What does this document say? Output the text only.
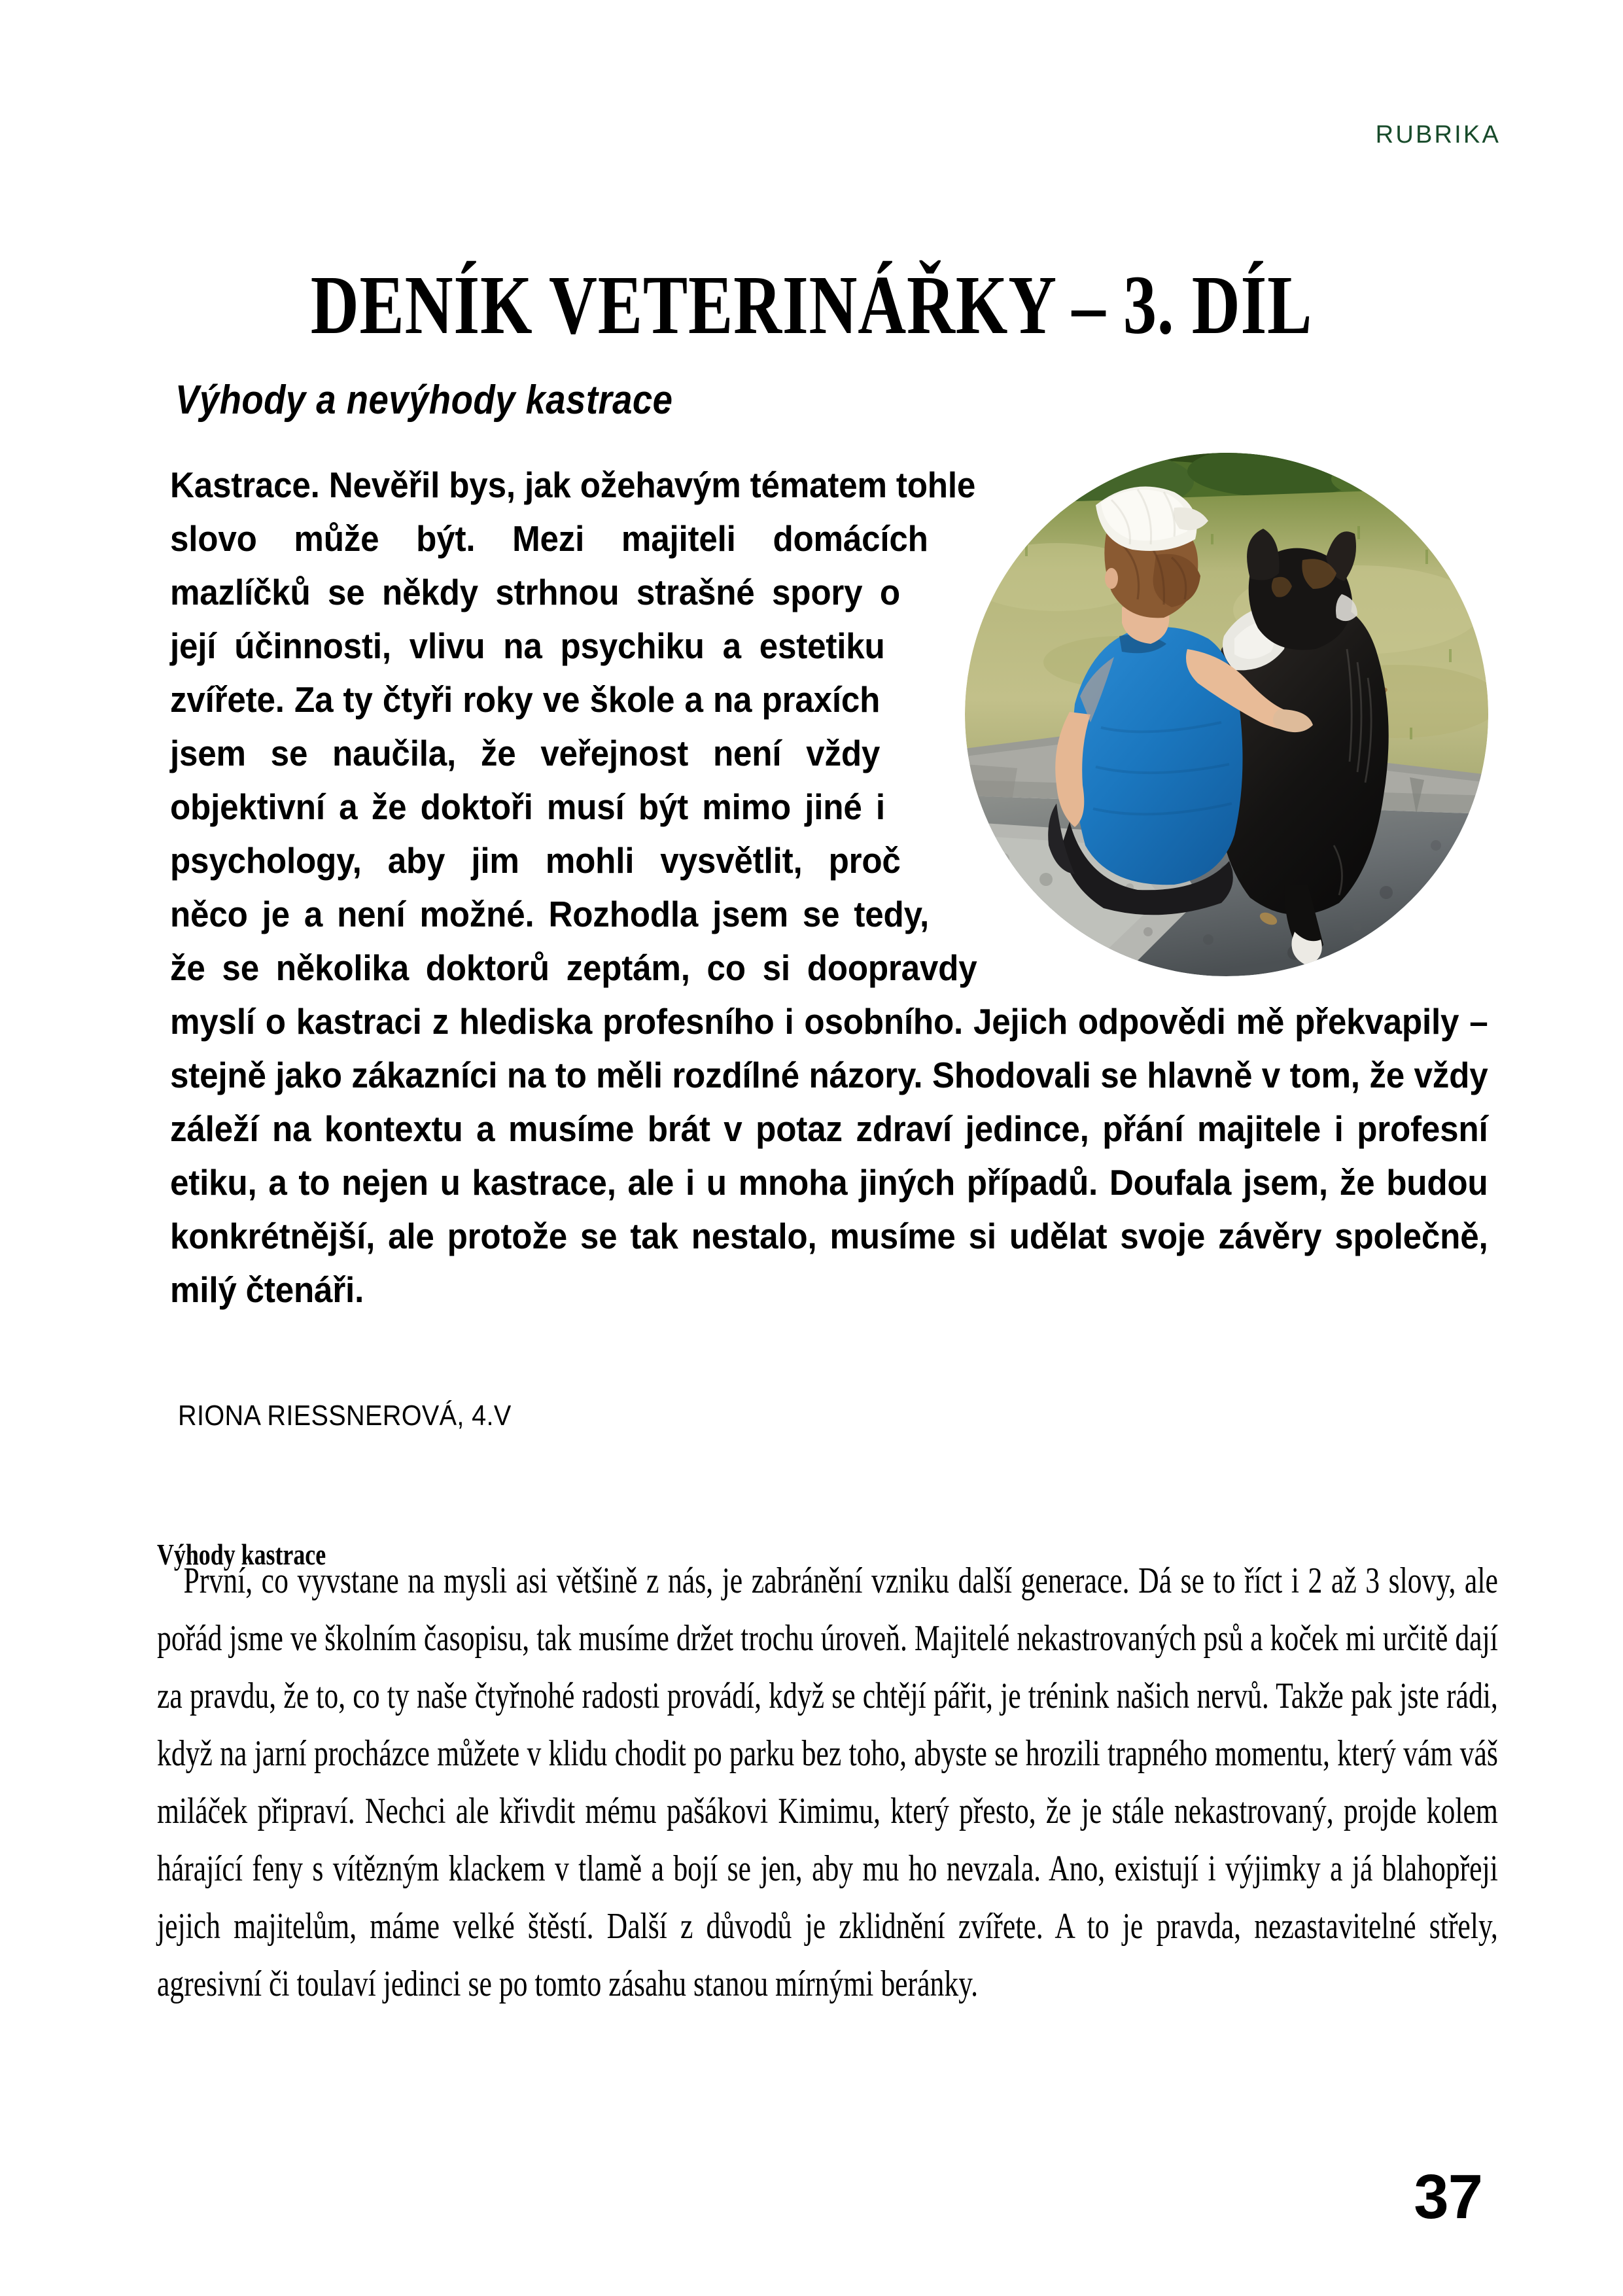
RUBRIKA
DENÍK VETERINÁŘKY – 3. DÍL
Výhody a nevýhody kastrace

Kastrace. Nevěřil bys, jak ožehavým tématem tohle slovo může být. Mezi majiteli domácích mazlíčků se někdy strhnou strašné spory o její účinnosti, vlivu na psychiku a estetiku zvířete. Za ty čtyři roky ve škole a na praxích jsem se naučila, že veřejnost není vždy objektivní a že doktoři musí být mimo jiné i psychology, aby jim mohli vysvětlit, proč něco je a není možné. Rozhodla jsem se tedy, že se několika doktorů zeptám, co si doopravdy myslí o kastraci z hlediska profesního i osobního. Jejich odpovědi mě překvapily – stejně jako zákazníci na to měli rozdílné názory. Shodovali se hlavně v tom, že vždy záleží na kontextu a musíme brát v potaz zdraví jedince, přání majitele i profesní etiku, a to nejen u kastrace, ale i u mnoha jiných případů. Doufala jsem, že budou konkrétnější, ale protože se tak nestalo, musíme si udělat svoje závěry společně, milý čtenáři.

RIONA RIESSNEROVÁ, 4.V
Výhody kastrace

První, co vyvstane na mysli asi většině z nás, je zabránění vzniku další generace. Dá se to říct i 2 až 3 slovy, ale pořád jsme ve školním časopisu, tak musíme držet trochu úroveň. Majitelé nekastrovaných psů a koček mi určitě dají za pravdu, že to, co ty naše čtyřnohé radosti provádí, když se chtějí pářit, je trénink našich nervů. Takže pak jste rádi, když na jarní procházce můžete v klidu chodit po parku bez toho, abyste se hrozili trapného momentu, který vám váš miláček připraví. Nechci ale křivdit mému pašákovi Kimimu, který přesto, že je stále nekastrovaný, projde kolem hárající feny s vítězným klackem v tlamě a bojí se jen, aby mu ho nevzala. Ano, existují i výjimky a já blahopřeji jejich majitelům, máme velké štěstí. Další z důvodů je zklidnění zvířete. A to je pravda, nezastavitelné střely, agresivní či toulaví jedinci se po tomto zásahu stanou mírnými beránky.

37
